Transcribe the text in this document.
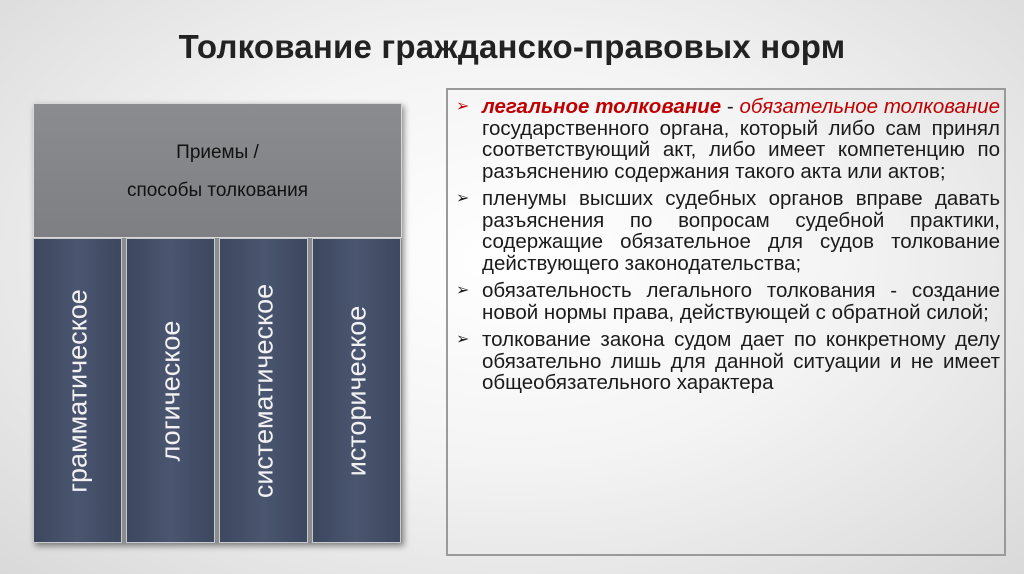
Толкование гражданско-правовых норм
Приемы /
способы толкования
грамматическое логическое систематическое историческое
➢ легальное толкование - обязательное толкование государственного органа, который либо сам принял соответствующий акт, либо имеет компетенцию по разъяснению содержания такого акта или актов;
➢ пленумы высших судебных органов вправе давать разъяснения по вопросам судебной практики, содержащие обязательное для судов толкование действующего законодательства;
➢ обязательность легального толкования - создание новой нормы права, действующей с обратной силой;
➢ толкование закона судом дает по конкретному делу обязательно лишь для данной ситуации и не имеет общеобязательного характера
